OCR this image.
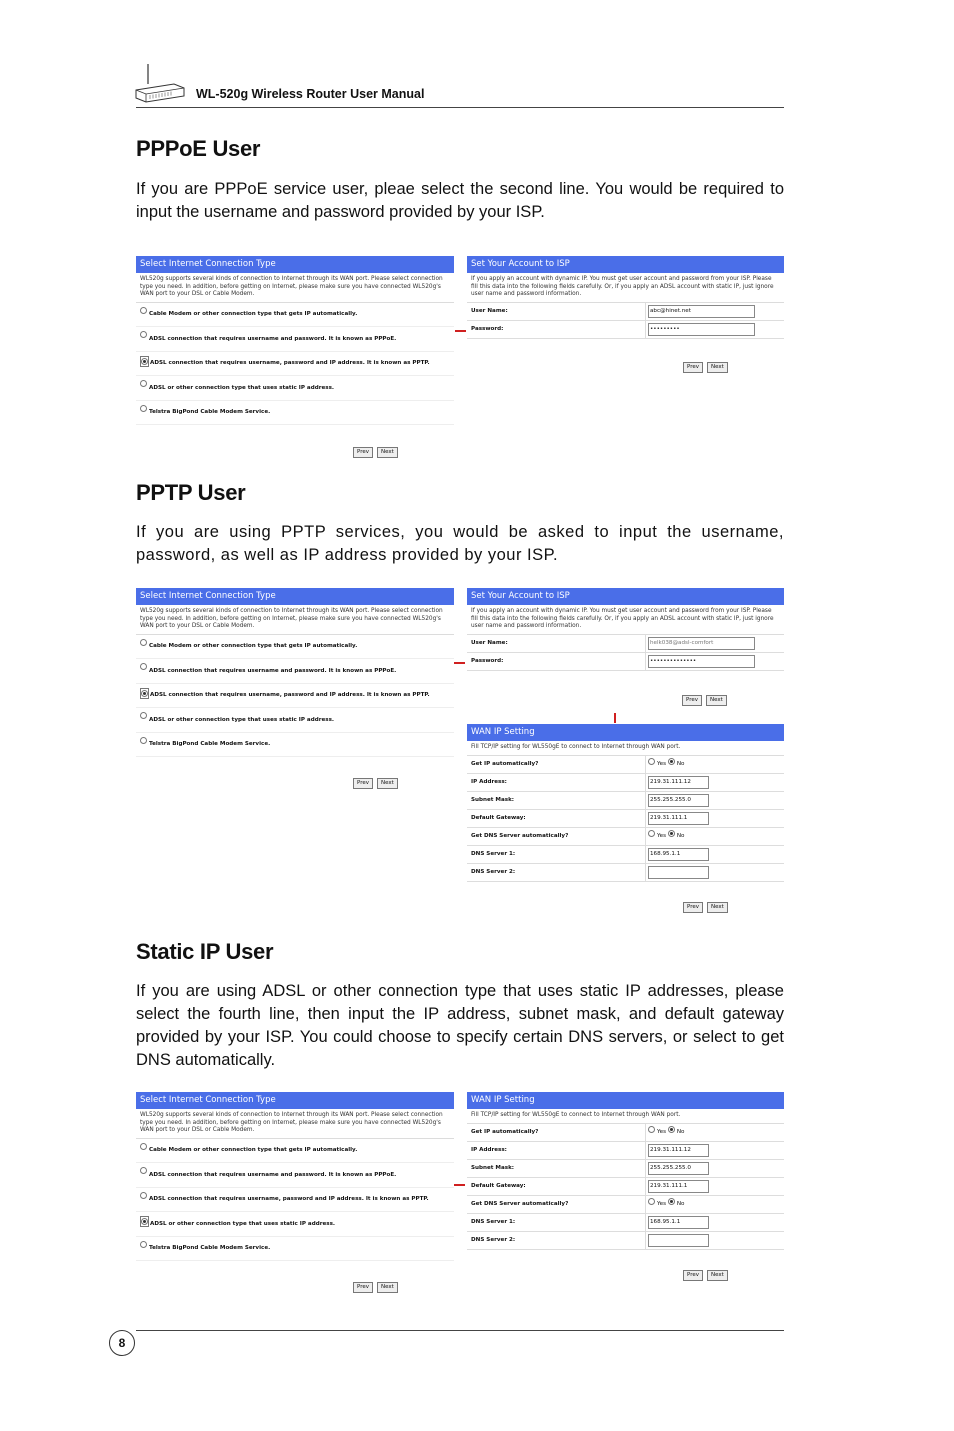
WL-520g Wireless Router User Manual
PPPoE User
If you are PPPoE service user, pleae select the second line. You would be required to input the username and password provided by your ISP.
Select Internet Connection Type
WL520g supports several kinds of connection to Internet through its WAN port. Please select connection type you need. In addition, before getting on Internet, please make sure you have connected WL520g's WAN port to your DSL or Cable Modem.
Cable Modem or other connection type that gets IP automatically.
ADSL connection that requires username and password. It is known as PPPoE.
ADSL connection that requires username, password and IP address. It is known as PPTP.
ADSL or other connection type that uses static IP address.
Telstra BigPond Cable Modem Service.
Prev	Next
Set Your Account to ISP
If you apply an account with dynamic IP. You must get user account and password from your ISP. Please fill this data into the following fields carefully. Or, if you apply an ADSL account with static IP, just ignore user name and password information.
User Name:	abc@hinet.net
Password:	•••••••••
Prev	Next
PPTP User
If you are using PPTP services, you would be asked to input the username, password, as well as IP address provided by your ISP.
Select Internet Connection Type
WL520g supports several kinds of connection to Internet through its WAN port. Please select connection type you need. In addition, before getting on Internet, please make sure you have connected WL520g's WAN port to your DSL or Cable Modem.
Cable Modem or other connection type that gets IP automatically.
ADSL connection that requires username and password. It is known as PPPoE.
ADSL connection that requires username, password and IP address. It is known as PPTP.
ADSL or other connection type that uses static IP address.
Telstra BigPond Cable Modem Service.
Prev	Next
Set Your Account to ISP
If you apply an account with dynamic IP. You must get user account and password from your ISP. Please fill this data into the following fields carefully. Or, if you apply an ADSL account with static IP, just ignore user name and password information.
User Name:	helk038@adsl-comfort
Password:	••••••••••••••
Prev	Next
WAN IP Setting
Fill TCP/IP setting for WL550gE to connect to Internet through WAN port.
Get IP automatically?	Yes
No
IP Address:	219.31.111.12
Subnet Mask:	255.255.255.0
Default Gateway:	219.31.111.1
Get DNS Server automatically?	Yes
No
DNS Server 1:	168.95.1.1
DNS Server 2:
Prev	Next
Static IP User
If you are using ADSL or other connection type that uses static IP addresses, please select the fourth line, then input the IP address, subnet mask, and default gateway provided by your ISP. You could choose to specify certain DNS servers, or select to get DNS automatically.
Select Internet Connection Type
WL520g supports several kinds of connection to Internet through its WAN port. Please select connection type you need. In addition, before getting on Internet, please make sure you have connected WL520g's WAN port to your DSL or Cable Modem.
Cable Modem or other connection type that gets IP automatically.
ADSL connection that requires username and password. It is known as PPPoE.
ADSL connection that requires username, password and IP address. It is known as PPTP.
ADSL or other connection type that uses static IP address.
Telstra BigPond Cable Modem Service.
Prev	Next
WAN IP Setting
Fill TCP/IP setting for WL550gE to connect to Internet through WAN port.
Get IP automatically?	Yes
No
IP Address:	219.31.111.12
Subnet Mask:	255.255.255.0
Default Gateway:	219.31.111.1
Get DNS Server automatically?	Yes
No
DNS Server 1:	168.95.1.1
DNS Server 2:
Prev	Next
8
